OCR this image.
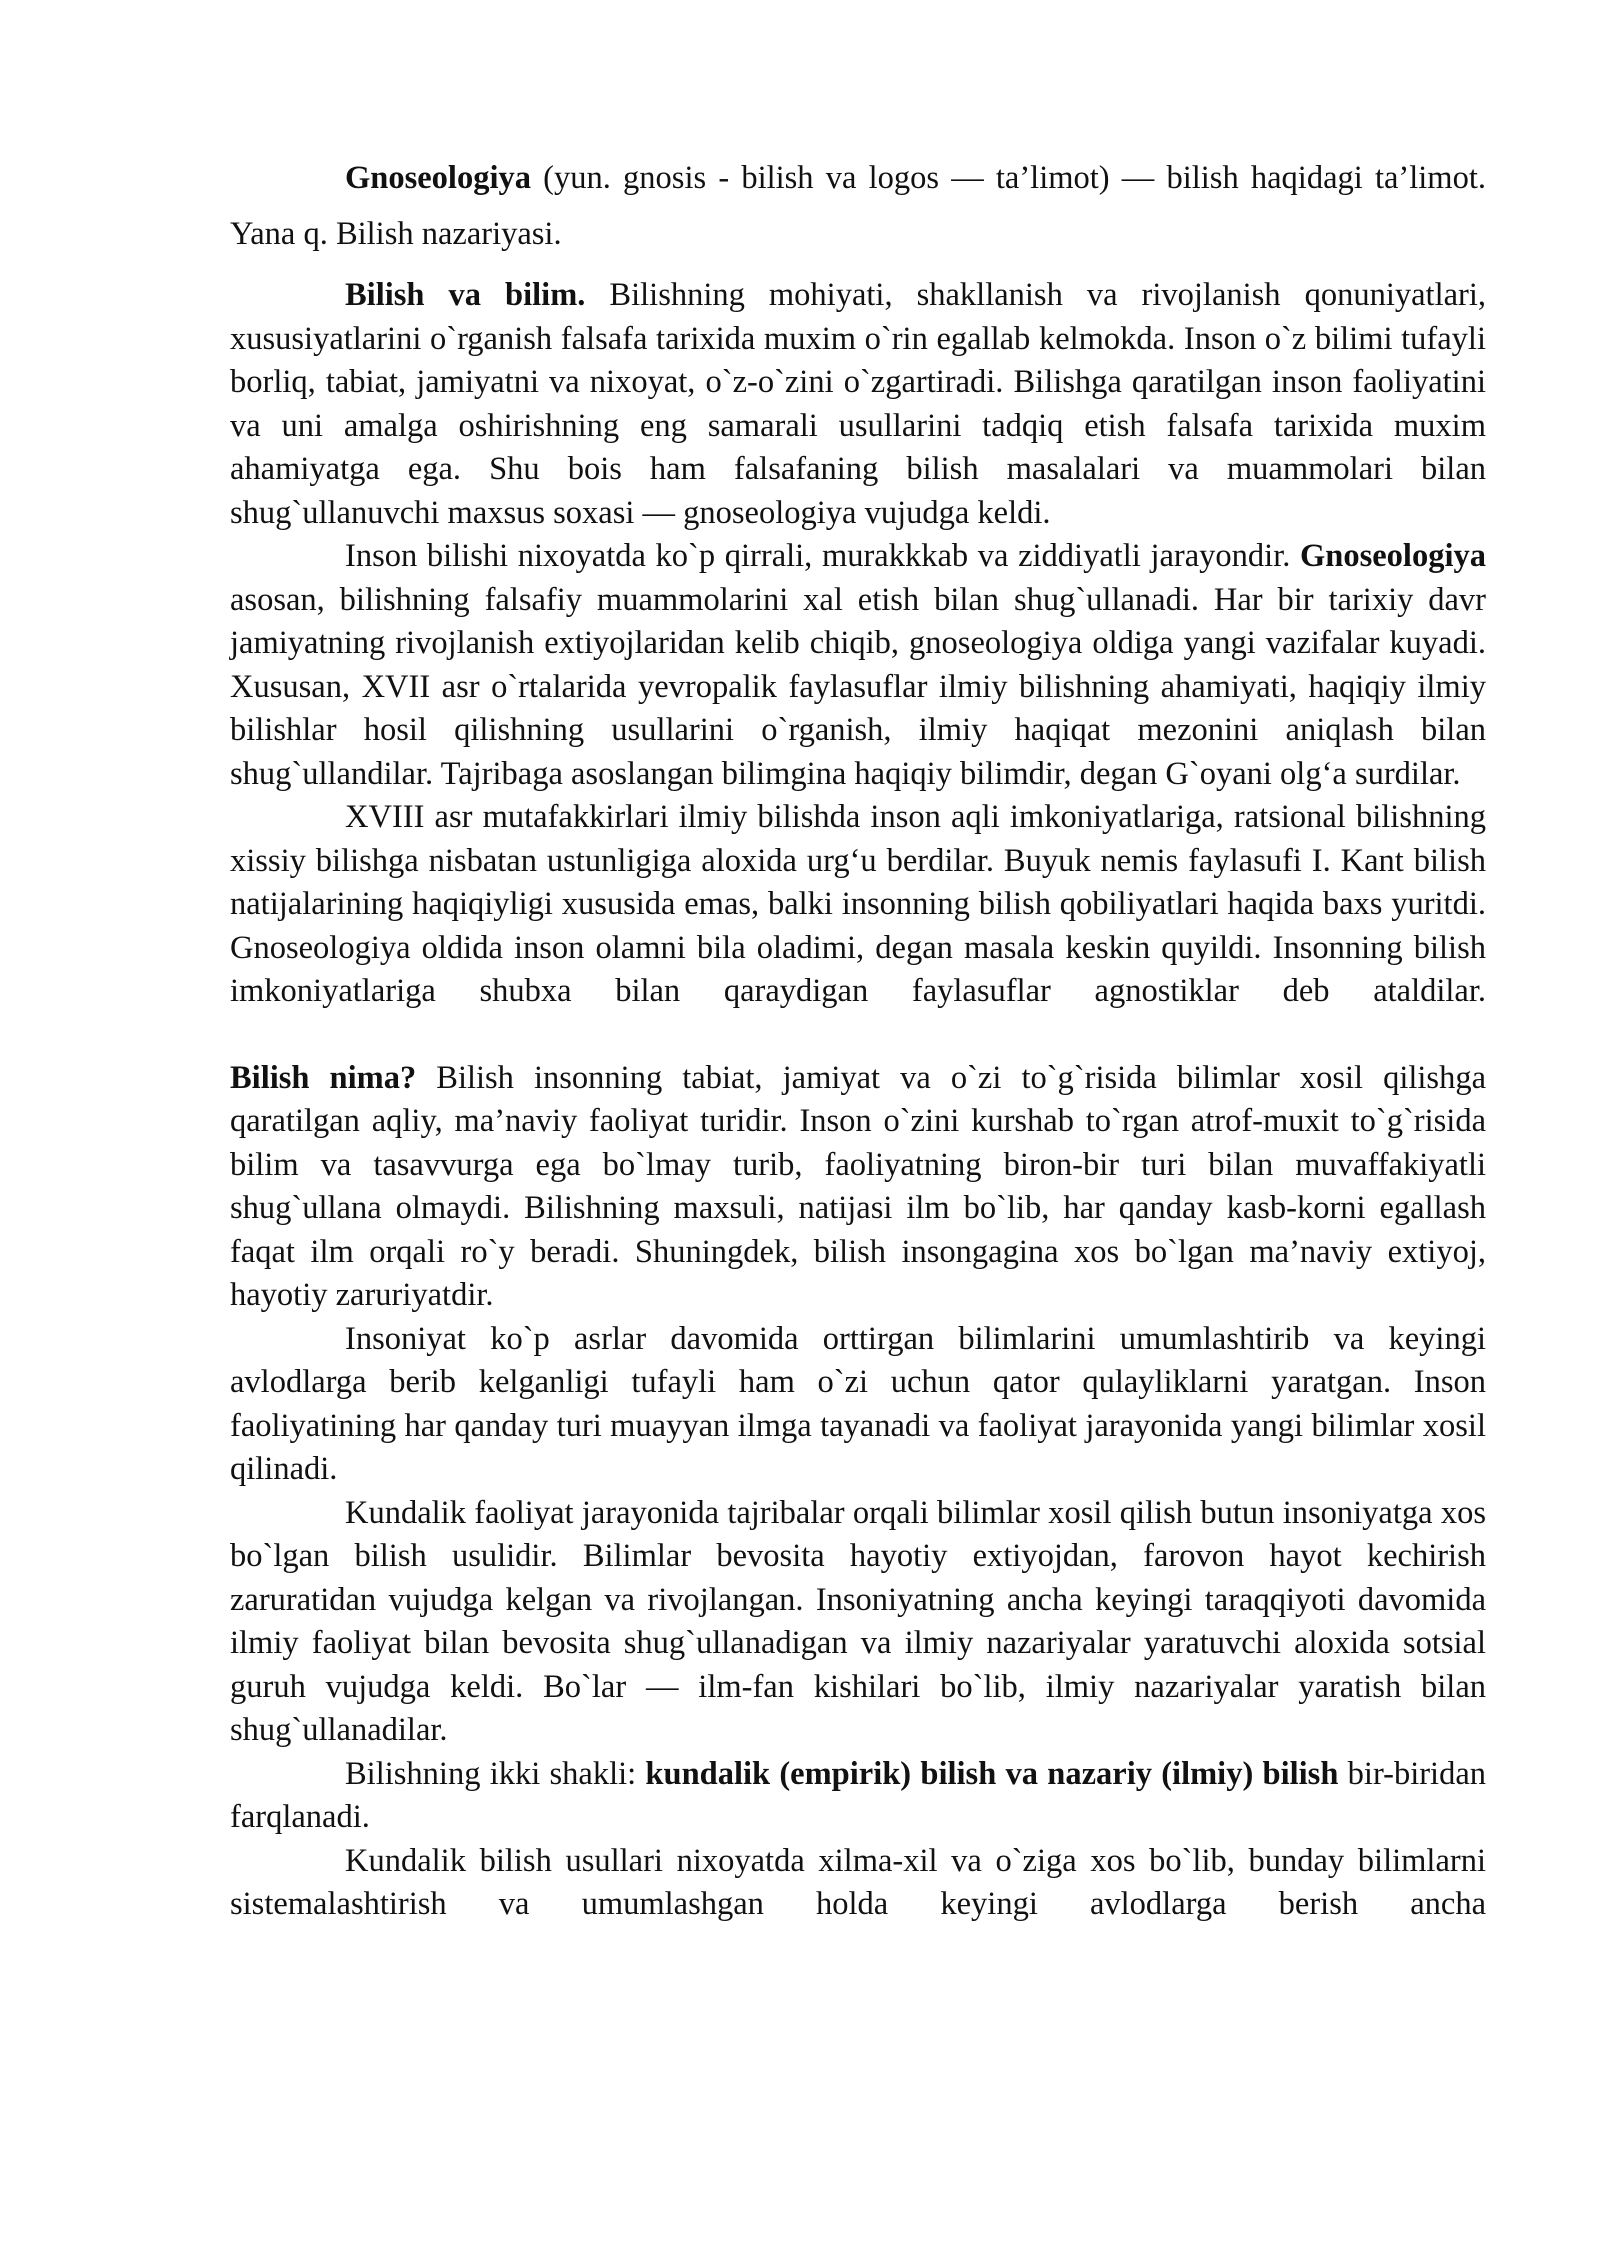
Gnoseologiya (yun. gnosis - bilish va logos — ta’limot) — bilish haqidagi ta’limot. Yana q. Bilish nazariyasi.

Bilish va bilim. Bilishning mohiyati, shakllanish va rivojlanish qonuniyatlari, xususiyatlarini o`rganish falsafa tarixida muxim o`rin egallab kelmokda. Inson o`z bilimi tufayli borliq, tabiat, jamiyatni va nixoyat, o`z-o`zini o`zgartiradi. Bilishga qaratilgan inson faoliyatini va uni amalga oshirishning eng samarali usullarini tadqiq etish falsafa tarixida muxim ahamiyatga ega. Shu bois ham falsafaning bilish masalalari va muammolari bilan shug`ullanuvchi maxsus soxasi — gnoseologiya vujudga keldi.

Inson bilishi nixoyatda ko`p qirrali, murakkkab va ziddiyatli jarayondir. Gnoseologiya asosan, bilishning falsafiy muammolarini xal etish bilan shug`ullanadi. Har bir tarixiy davr jamiyatning rivojlanish extiyojlaridan kelib chiqib, gnoseologiya oldiga yangi vazifalar kuyadi. Xususan, XVII asr o`rtalarida yevropalik faylasuflar ilmiy bilishning ahamiyati, haqiqiy ilmiy bilishlar hosil qilishning usullarini o`rganish, ilmiy haqiqat mezonini aniqlash bilan shug`ullandilar. Tajribaga asoslangan bilimgina haqiqiy bilimdir, degan G`oyani olg‘a surdilar.

XVIII asr mutafakkirlari ilmiy bilishda inson aqli imkoniyatlariga, ratsional bilishning xissiy bilishga nisbatan ustunligiga aloxida urg‘u berdilar. Buyuk nemis faylasufi I. Kant bilish natijalarining haqiqiyligi xususida emas, balki insonning bilish qobiliyatlari haqida baxs yuritdi. Gnoseologiya oldida inson olamni bila oladimi, degan masala keskin quyildi. Insonning bilish imkoniyatlariga shubxa bilan qaraydigan faylasuflar agnostiklar deb ataldilar.

Bilish nima? Bilish insonning tabiat, jamiyat va o`zi to`g`risida bilimlar xosil qilishga qaratilgan aqliy, ma’naviy faoliyat turidir. Inson o`zini kurshab to`rgan atrof-muxit to`g`risida bilim va tasavvurga ega bo`lmay turib, faoliyatning biron-bir turi bilan muvaffakiyatli shug`ullana olmaydi. Bilishning maxsuli, natijasi ilm bo`lib, har qanday kasb-korni egallash faqat ilm orqali ro`y beradi. Shuningdek, bilish insongagina xos bo`lgan ma’naviy extiyoj, hayotiy zaruriyatdir.

Insoniyat ko`p asrlar davomida orttirgan bilimlarini umumlashtirib va keyingi avlodlarga berib kelganligi tufayli ham o`zi uchun qator qulayliklarni yaratgan. Inson faoliyatining har qanday turi muayyan ilmga tayanadi va faoliyat jarayonida yangi bilimlar xosil qilinadi.

Kundalik faoliyat jarayonida tajribalar orqali bilimlar xosil qilish butun insoniyatga xos bo`lgan bilish usulidir. Bilimlar bevosita hayotiy extiyojdan, farovon hayot kechirish zaruratidan vujudga kelgan va rivojlangan. Insoniyatning ancha keyingi taraqqiyoti davomida ilmiy faoliyat bilan bevosita shug`ullanadigan va ilmiy nazariyalar yaratuvchi aloxida sotsial guruh vujudga keldi. Bo`lar — ilm-fan kishilari bo`lib, ilmiy nazariyalar yaratish bilan shug`ullanadilar.

Bilishning ikki shakli: kundalik (empirik) bilish va nazariy (ilmiy) bilish bir-biridan farqlanadi.

Kundalik bilish usullari nixoyatda xilma-xil va o`ziga xos bo`lib, bunday bilimlarni sistemalashtirish va umumlashgan holda keyingi avlodlarga berish ancha
